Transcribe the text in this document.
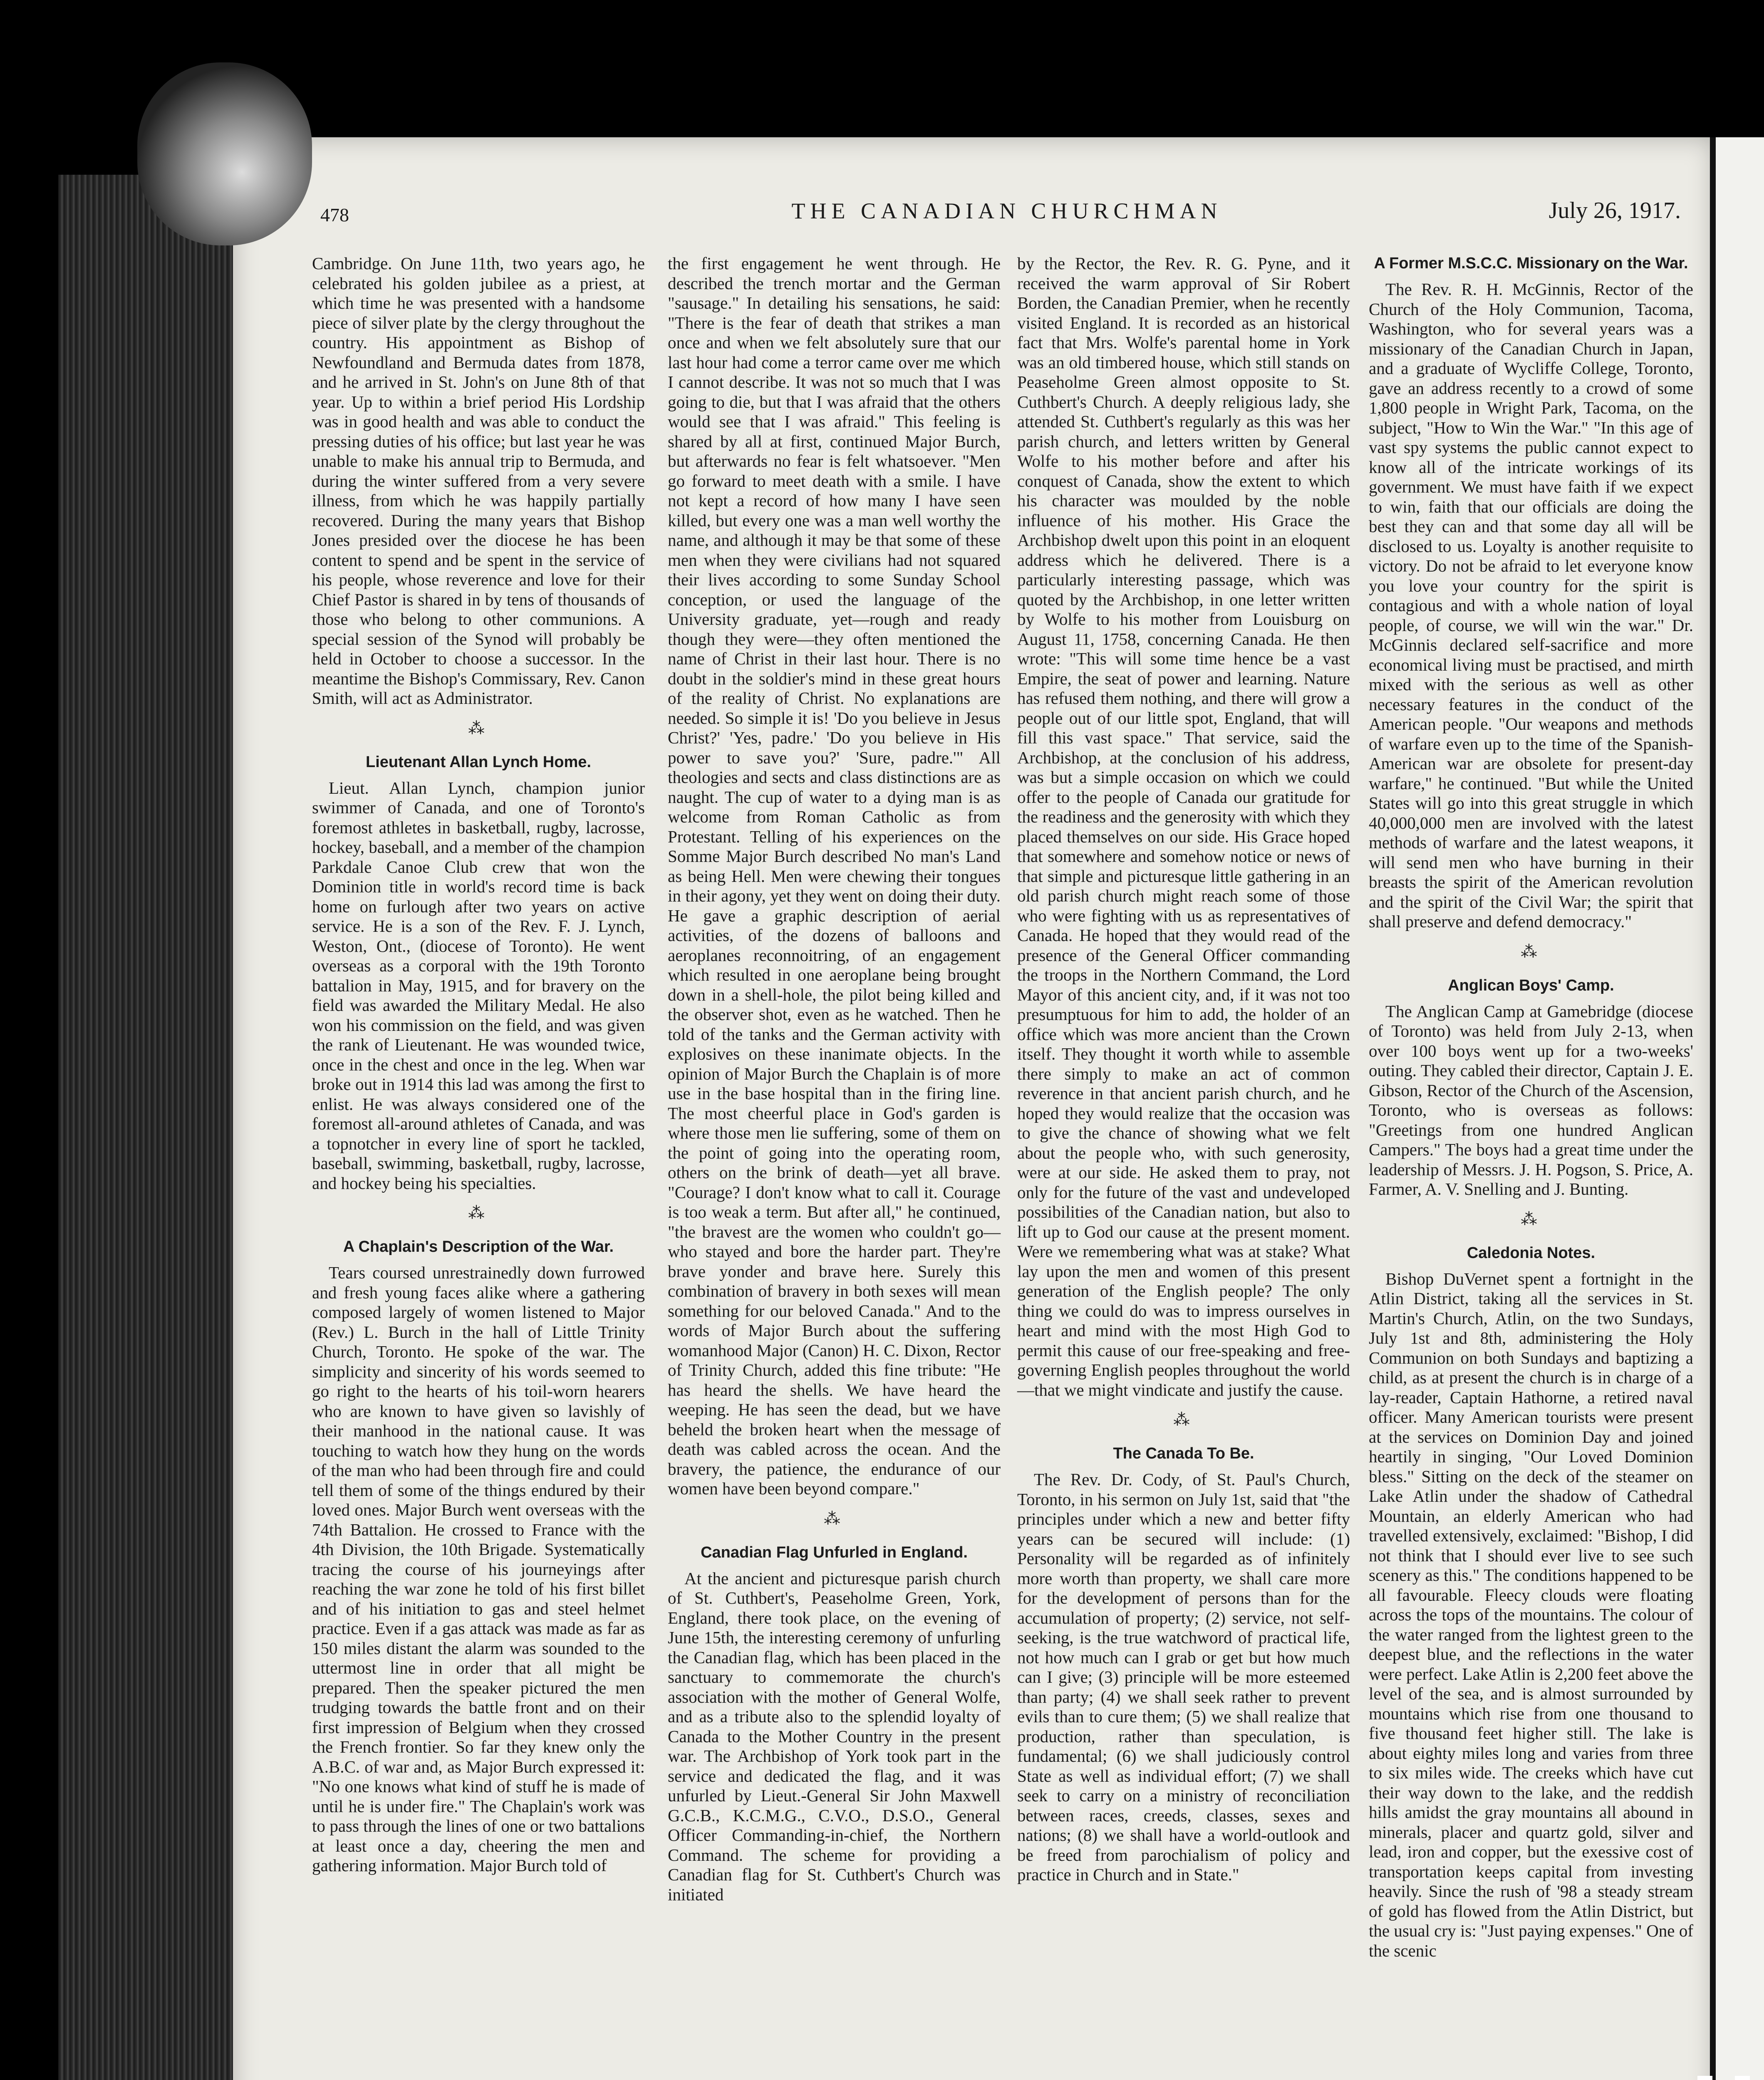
478	THE CANADIAN CHURCHMAN	July 26, 1917.

Cambridge. On June 11th, two years ago, he celebrated his golden jubilee as a priest, at which time he was presented with a handsome piece of silver plate by the clergy throughout the country. His appointment as Bishop of Newfoundland and Bermuda dates from 1878, and he arrived in St. John's on June 8th of that year. Up to within a brief period His Lordship was in good health and was able to conduct the pressing duties of his office; but last year he was unable to make his annual trip to Bermuda, and during the winter suffered from a very severe illness, from which he was happily partially recovered. During the many years that Bishop Jones presided over the diocese he has been content to spend and be spent in the service of his people, whose reverence and love for their Chief Pastor is shared in by tens of thousands of those who belong to other communions. A special session of the Synod will probably be held in October to choose a successor. In the meantime the Bishop's Commissary, Rev. Canon Smith, will act as Administrator.

⁂
Lieutenant Allan Lynch Home.

Lieut. Allan Lynch, champion junior swimmer of Canada, and one of Toronto's foremost athletes in basketball, rugby, lacrosse, hockey, baseball, and a member of the champion Parkdale Canoe Club crew that won the Dominion title in world's record time is back home on furlough after two years on active service. He is a son of the Rev. F. J. Lynch, Weston, Ont., (diocese of Toronto). He went overseas as a corporal with the 19th Toronto battalion in May, 1915, and for bravery on the field was awarded the Military Medal. He also won his commission on the field, and was given the rank of Lieutenant. He was wounded twice, once in the chest and once in the leg. When war broke out in 1914 this lad was among the first to enlist. He was always considered one of the foremost all-around athletes of Canada, and was a topnotcher in every line of sport he tackled, baseball, swimming, basketball, rugby, lacrosse, and hockey being his specialties.

⁂
A Chaplain's Description of the War.

Tears coursed unrestrainedly down furrowed and fresh young faces alike where a gathering composed largely of women listened to Major (Rev.) L. Burch in the hall of Little Trinity Church, Toronto. He spoke of the war. The simplicity and sincerity of his words seemed to go right to the hearts of his toil-worn hearers who are known to have given so lavishly of their manhood in the national cause. It was touching to watch how they hung on the words of the man who had been through fire and could tell them of some of the things endured by their loved ones. Major Burch went overseas with the 74th Battalion. He crossed to France with the 4th Division, the 10th Brigade. Systematically tracing the course of his journeyings after reaching the war zone he told of his first billet and of his initiation to gas and steel helmet practice. Even if a gas attack was made as far as 150 miles distant the alarm was sounded to the uttermost line in order that all might be prepared. Then the speaker pictured the men trudging towards the battle front and on their first impression of Belgium when they crossed the French frontier. So far they knew only the A.B.C. of war and, as Major Burch expressed it: "No one knows what kind of stuff he is made of until he is under fire." The Chaplain's work was to pass through the lines of one or two battalions at least once a day, cheering the men and gathering information. Major Burch told of

the first engagement he went through. He described the trench mortar and the German "sausage." In detailing his sensations, he said: "There is the fear of death that strikes a man once and when we felt absolutely sure that our last hour had come a terror came over me which I cannot describe. It was not so much that I was going to die, but that I was afraid that the others would see that I was afraid." This feeling is shared by all at first, continued Major Burch, but afterwards no fear is felt whatsoever. "Men go forward to meet death with a smile. I have not kept a record of how many I have seen killed, but every one was a man well worthy the name, and although it may be that some of these men when they were civilians had not squared their lives according to some Sunday School conception, or used the language of the University graduate, yet—rough and ready though they were—they often mentioned the name of Christ in their last hour. There is no doubt in the soldier's mind in these great hours of the reality of Christ. No explanations are needed. So simple it is! 'Do you believe in Jesus Christ?' 'Yes, padre.' 'Do you believe in His power to save you?' 'Sure, padre.'" All theologies and sects and class distinctions are as naught. The cup of water to a dying man is as welcome from Roman Catholic as from Protestant. Telling of his experiences on the Somme Major Burch described No man's Land as being Hell. Men were chewing their tongues in their agony, yet they went on doing their duty. He gave a graphic description of aerial activities, of the dozens of balloons and aeroplanes reconnoitring, of an engagement which resulted in one aeroplane being brought down in a shell-hole, the pilot being killed and the observer shot, even as he watched. Then he told of the tanks and the German activity with explosives on these inanimate objects. In the opinion of Major Burch the Chaplain is of more use in the base hospital than in the firing line. The most cheerful place in God's garden is where those men lie suffering, some of them on the point of going into the operating room, others on the brink of death—yet all brave. "Courage? I don't know what to call it. Courage is too weak a term. But after all," he continued, "the bravest are the women who couldn't go—who stayed and bore the harder part. They're brave yonder and brave here. Surely this combination of bravery in both sexes will mean something for our beloved Canada." And to the words of Major Burch about the suffering womanhood Major (Canon) H. C. Dixon, Rector of Trinity Church, added this fine tribute: "He has heard the shells. We have heard the weeping. He has seen the dead, but we have beheld the broken heart when the message of death was cabled across the ocean. And the bravery, the patience, the endurance of our women have been beyond compare."

⁂
Canadian Flag Unfurled in England.

At the ancient and picturesque parish church of St. Cuthbert's, Peaseholme Green, York, England, there took place, on the evening of June 15th, the interesting ceremony of unfurling the Canadian flag, which has been placed in the sanctuary to commemorate the church's association with the mother of General Wolfe, and as a tribute also to the splendid loyalty of Canada to the Mother Country in the present war. The Archbishop of York took part in the service and dedicated the flag, and it was unfurled by Lieut.-General Sir John Maxwell G.C.B., K.C.M.G., C.V.O., D.S.O., General Officer Commanding-in-chief, the Northern Command. The scheme for providing a Canadian flag for St. Cuthbert's Church was initiated

by the Rector, the Rev. R. G. Pyne, and it received the warm approval of Sir Robert Borden, the Canadian Premier, when he recently visited England. It is recorded as an historical fact that Mrs. Wolfe's parental home in York was an old timbered house, which still stands on Peaseholme Green almost opposite to St. Cuthbert's Church. A deeply religious lady, she attended St. Cuthbert's regularly as this was her parish church, and letters written by General Wolfe to his mother before and after his conquest of Canada, show the extent to which his character was moulded by the noble influence of his mother. His Grace the Archbishop dwelt upon this point in an eloquent address which he delivered. There is a particularly interesting passage, which was quoted by the Archbishop, in one letter written by Wolfe to his mother from Louisburg on August 11, 1758, concerning Canada. He then wrote: "This will some time hence be a vast Empire, the seat of power and learning. Nature has refused them nothing, and there will grow a people out of our little spot, England, that will fill this vast space." That service, said the Archbishop, at the conclusion of his address, was but a simple occasion on which we could offer to the people of Canada our gratitude for the readiness and the generosity with which they placed themselves on our side. His Grace hoped that somewhere and somehow notice or news of that simple and picturesque little gathering in an old parish church might reach some of those who were fighting with us as representatives of Canada. He hoped that they would read of the presence of the General Officer commanding the troops in the Northern Command, the Lord Mayor of this ancient city, and, if it was not too presumptuous for him to add, the holder of an office which was more ancient than the Crown itself. They thought it worth while to assemble there simply to make an act of common reverence in that ancient parish church, and he hoped they would realize that the occasion was to give the chance of showing what we felt about the people who, with such generosity, were at our side. He asked them to pray, not only for the future of the vast and undeveloped possibilities of the Canadian nation, but also to lift up to God our cause at the present moment. Were we remembering what was at stake? What lay upon the men and women of this present generation of the English people? The only thing we could do was to impress ourselves in heart and mind with the most High God to permit this cause of our free-speaking and free-governing English peoples throughout the world—that we might vindicate and justify the cause.

⁂
The Canada To Be.

The Rev. Dr. Cody, of St. Paul's Church, Toronto, in his sermon on July 1st, said that "the principles under which a new and better fifty years can be secured will include: (1) Personality will be regarded as of infinitely more worth than property, we shall care more for the development of persons than for the accumulation of property; (2) service, not self-seeking, is the true watchword of practical life, not how much can I grab or get but how much can I give; (3) principle will be more esteemed than party; (4) we shall seek rather to prevent evils than to cure them; (5) we shall realize that production, rather than speculation, is fundamental; (6) we shall judiciously control State as well as individual effort; (7) we shall seek to carry on a ministry of reconciliation between races, creeds, classes, sexes and nations; (8) we shall have a world-outlook and be freed from parochialism of policy and practice in Church and in State."

A Former M.S.C.C. Missionary on the War.

The Rev. R. H. McGinnis, Rector of the Church of the Holy Communion, Tacoma, Washington, who for several years was a missionary of the Canadian Church in Japan, and a graduate of Wycliffe College, Toronto, gave an address recently to a crowd of some 1,800 people in Wright Park, Tacoma, on the subject, "How to Win the War." "In this age of vast spy systems the public cannot expect to know all of the intricate workings of its government. We must have faith if we expect to win, faith that our officials are doing the best they can and that some day all will be disclosed to us. Loyalty is another requisite to victory. Do not be afraid to let everyone know you love your country for the spirit is contagious and with a whole nation of loyal people, of course, we will win the war." Dr. McGinnis declared self-sacrifice and more economical living must be practised, and mirth mixed with the serious as well as other necessary features in the conduct of the American people. "Our weapons and methods of warfare even up to the time of the Spanish-American war are obsolete for present-day warfare," he continued. "But while the United States will go into this great struggle in which 40,000,000 men are involved with the latest methods of warfare and the latest weapons, it will send men who have burning in their breasts the spirit of the American revolution and the spirit of the Civil War; the spirit that shall preserve and defend democracy."

⁂
Anglican Boys' Camp.

The Anglican Camp at Gamebridge (diocese of Toronto) was held from July 2-13, when over 100 boys went up for a two-weeks' outing. They cabled their director, Captain J. E. Gibson, Rector of the Church of the Ascension, Toronto, who is overseas as follows: "Greetings from one hundred Anglican Campers." The boys had a great time under the leadership of Messrs. J. H. Pogson, S. Price, A. Farmer, A. V. Snelling and J. Bunting.

⁂
Caledonia Notes.

Bishop DuVernet spent a fortnight in the Atlin District, taking all the services in St. Martin's Church, Atlin, on the two Sundays, July 1st and 8th, administering the Holy Communion on both Sundays and baptizing a child, as at present the church is in charge of a lay-reader, Captain Hathorne, a retired naval officer. Many American tourists were present at the services on Dominion Day and joined heartily in singing, "Our Loved Dominion bless." Sitting on the deck of the steamer on Lake Atlin under the shadow of Cathedral Mountain, an elderly American who had travelled extensively, exclaimed: "Bishop, I did not think that I should ever live to see such scenery as this." The conditions happened to be all favourable. Fleecy clouds were floating across the tops of the mountains. The colour of the water ranged from the lightest green to the deepest blue, and the reflections in the water were perfect. Lake Atlin is 2,200 feet above the level of the sea, and is almost surrounded by mountains which rise from one thousand to five thousand feet higher still. The lake is about eighty miles long and varies from three to six miles wide. The creeks which have cut their way down to the lake, and the reddish hills amidst the gray mountains all abound in minerals, placer and quartz gold, silver and lead, iron and copper, but the exessive cost of transportation keeps capital from investing heavily. Since the rush of '98 a steady stream of gold has flowed from the Atlin District, but the usual cry is: "Just paying expenses." One of the scenic
